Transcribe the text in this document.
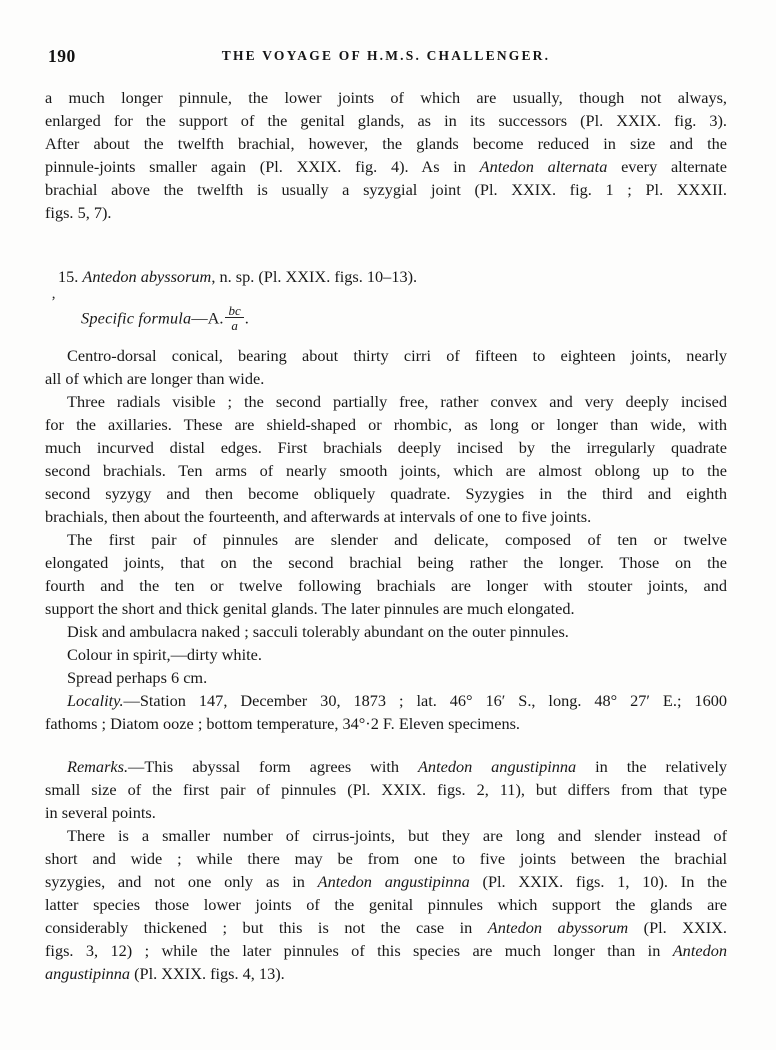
190	THE VOYAGE OF H.M.S. CHALLENGER.
a much longer pinnule, the lower joints of which are usually, though not always,
enlarged for the support of the genital glands, as in its successors (Pl. XXIX. fig. 3).
After about the twelfth brachial, however, the glands become reduced in size and the
pinnule-joints smaller again (Pl. XXIX. fig. 4). As in Antedon alternata every alternate
brachial above the twelfth is usually a syzygial joint (Pl. XXIX. fig. 1 ; Pl. XXXII.
figs. 5, 7).
15. Antedon abyssorum, n. sp. (Pl. XXIX. figs. 10–13).
’
Specific formula—A. $\frac{bc}{a}$ .
Centro-dorsal conical, bearing about thirty cirri of fifteen to eighteen joints, nearly
all of which are longer than wide.
Three radials visible ; the second partially free, rather convex and very deeply incised
for the axillaries. These are shield-shaped or rhombic, as long or longer than wide, with
much incurved distal edges. First brachials deeply incised by the irregularly quadrate
second brachials. Ten arms of nearly smooth joints, which are almost oblong up to the
second syzygy and then become obliquely quadrate. Syzygies in the third and eighth
brachials, then about the fourteenth, and afterwards at intervals of one to five joints.
The first pair of pinnules are slender and delicate, composed of ten or twelve
elongated joints, that on the second brachial being rather the longer. Those on the
fourth and the ten or twelve following brachials are longer with stouter joints, and
support the short and thick genital glands. The later pinnules are much elongated.
Disk and ambulacra naked ; sacculi tolerably abundant on the outer pinnules.
Colour in spirit,—dirty white.
Spread perhaps 6 cm.
Locality.—Station 147, December 30, 1873 ; lat. 46° 16′ S., long. 48° 27′ E.; 1600
fathoms ; Diatom ooze ; bottom temperature, 34°·2 F. Eleven specimens.
Remarks.—This abyssal form agrees with Antedon angustipinna in the relatively
small size of the first pair of pinnules (Pl. XXIX. figs. 2, 11), but differs from that type
in several points.
There is a smaller number of cirrus-joints, but they are long and slender instead of
short and wide ; while there may be from one to five joints between the brachial
syzygies, and not one only as in Antedon angustipinna (Pl. XXIX. figs. 1, 10). In the
latter species those lower joints of the genital pinnules which support the glands are
considerably thickened ; but this is not the case in Antedon abyssorum (Pl. XXIX.
figs. 3, 12) ; while the later pinnules of this species are much longer than in Antedon
angustipinna (Pl. XXIX. figs. 4, 13).
